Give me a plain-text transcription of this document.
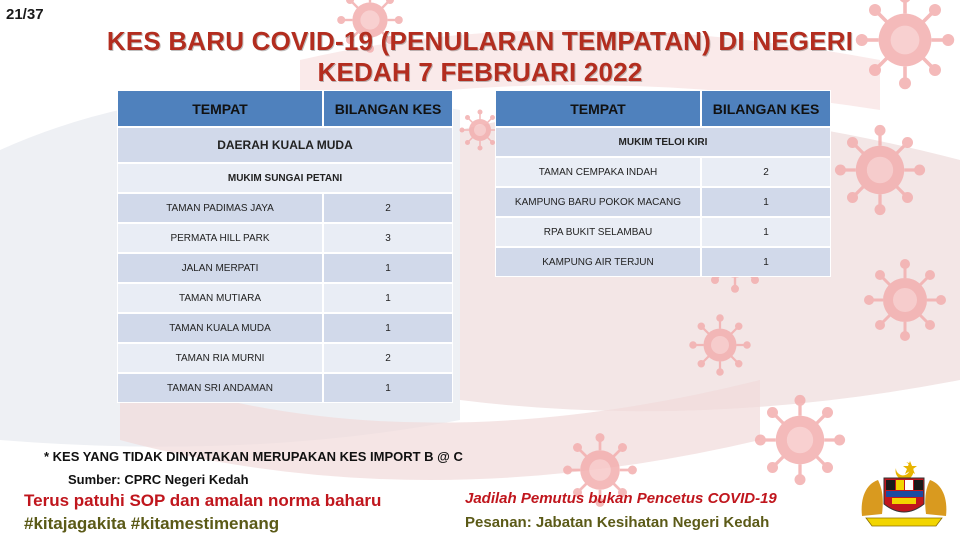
21/37
KES BARU COVID-19 (PENULARAN TEMPATAN) DI NEGERI
KEDAH 7 FEBRUARI 2022
TEMPAT	BILANGAN KES
DAERAH KUALA MUDA	
MUKIM SUNGAI PETANI	
TAMAN PADIMAS JAYA	2
PERMATA HILL PARK	3
JALAN MERPATI	1
TAMAN MUTIARA	1
TAMAN KUALA MUDA	1
TAMAN RIA MURNI	2
TAMAN SRI ANDAMAN	1
TEMPAT	BILANGAN KES
MUKIM TELOI KIRI	
TAMAN CEMPAKA INDAH	2
KAMPUNG BARU POKOK MACANG	1
RPA BUKIT SELAMBAU	1
KAMPUNG AIR TERJUN	1
* KES YANG TIDAK DINYATAKAN MERUPAKAN KES IMPORT B @ C
Sumber: CPRC Negeri Kedah
Terus patuhi SOP dan amalan norma baharu
#kitajagakita #kitamestimenang
Jadilah Pemutus bukan Pencetus COVID-19
Pesanan: Jabatan Kesihatan Negeri Kedah
